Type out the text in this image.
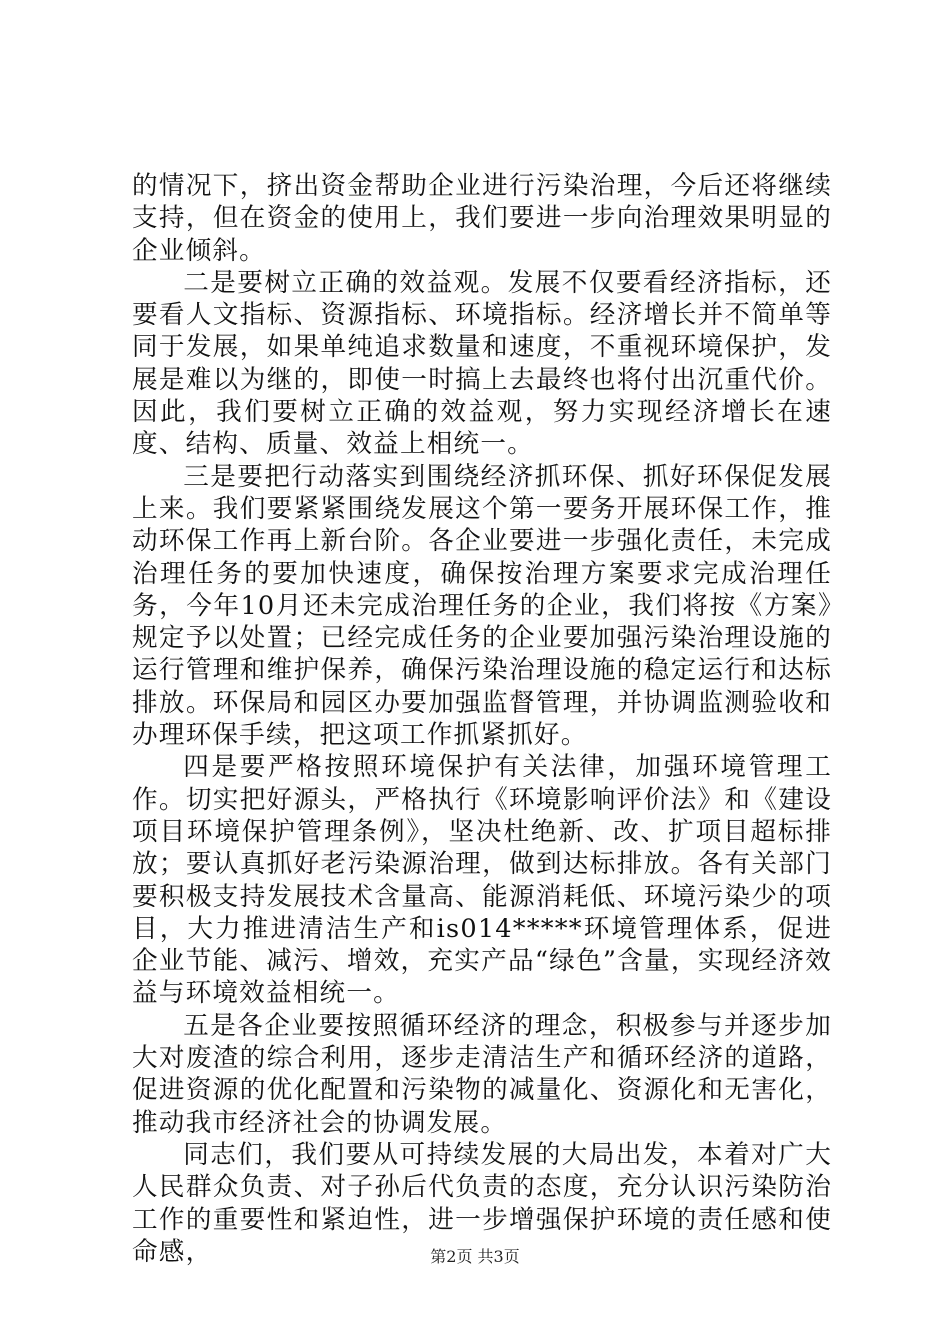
的情况下，挤出资金帮助企业进行污染治理，今后还将继续支持，但在资金的使用上，我们要进一步向治理效果明显的企业倾斜。

二是要树立正确的效益观。发展不仅要看经济指标，还要看人文指标、资源指标、环境指标。经济增长并不简单等同于发展，如果单纯追求数量和速度，不重视环境保护，发展是难以为继的，即使一时搞上去最终也将付出沉重代价。因此，我们要树立正确的效益观，努力实现经济增长在速度、结构、质量、效益上相统一。

三是要把行动落实到围绕经济抓环保、抓好环保促发展上来。我们要紧紧围绕发展这个第一要务开展环保工作，推动环保工作再上新台阶。各企业要进一步强化责任，未完成治理任务的要加快速度，确保按治理方案要求完成治理任务，今年10月还未完成治理任务的企业，我们将按《方案》规定予以处置；已经完成任务的企业要加强污染治理设施的运行管理和维护保养，确保污染治理设施的稳定运行和达标排放。环保局和园区办要加强监督管理，并协调监测验收和办理环保手续，把这项工作抓紧抓好。

四是要严格按照环境保护有关法律，加强环境管理工作。切实把好源头，严格执行《环境影响评价法》和《建设项目环境保护管理条例》，坚决杜绝新、改、扩项目超标排放；要认真抓好老污染源治理，做到达标排放。各有关部门要积极支持发展技术含量高、能源消耗低、环境污染少的项目，大力推进清洁生产和is014*****环境管理体系，促进企业节能、减污、增效，充实产品“绿色”含量，实现经济效益与环境效益相统一。

五是各企业要按照循环经济的理念，积极参与并逐步加大对废渣的综合利用，逐步走清洁生产和循环经济的道路，促进资源的优化配置和污染物的减量化、资源化和无害化，推动我市经济社会的协调发展。

同志们，我们要从可持续发展的大局出发，本着对广大人民群众负责、对子孙后代负责的态度，充分认识污染防治工作的重要性和紧迫性，进一步增强保护环境的责任感和使命感，	第2页 共3页
